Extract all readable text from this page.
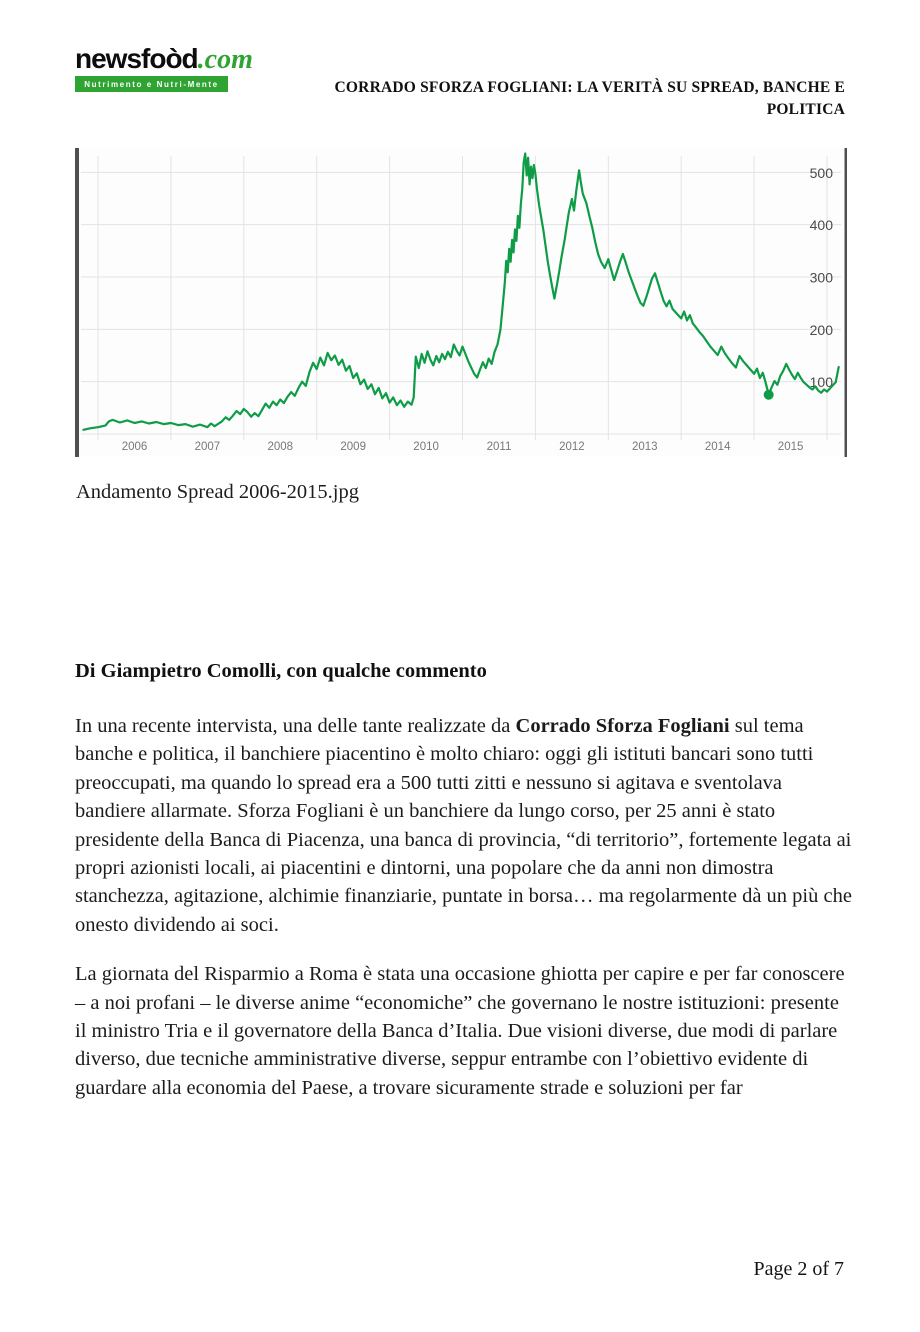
newsfoòd.com
Nutrimento e Nutri-Mente	CORRADO SFORZA FOGLIANI: LA VERITÀ SU SPREAD, BANCHE E POLITICA
2006	2007	2008	2009	2010	2011	2012	2013	2014	2015
100
200
300
400
500
Andamento Spread 2006-2015.jpg
Di Giampietro Comolli, con qualche commento

In una recente intervista, una delle tante realizzate da Corrado Sforza Fogliani sul tema banche e politica, il banchiere piacentino è molto chiaro: oggi gli istituti bancari sono tutti preoccupati, ma quando lo spread era a 500 tutti zitti e nessuno si agitava e sventolava bandiere allarmate. Sforza Fogliani è un banchiere da lungo corso, per 25 anni è stato presidente della Banca di Piacenza, una banca di provincia, “di territorio”, fortemente legata ai propri azionisti locali, ai piacentini e dintorni, una popolare che da anni non dimostra stanchezza, agitazione, alchimie finanziarie, puntate in borsa… ma regolarmente dà un più che onesto dividendo ai soci.

La giornata del Risparmio a Roma è stata una occasione ghiotta per capire e per far conoscere – a noi profani – le diverse anime “economiche” che governano le nostre istituzioni: presente il ministro Tria e il governatore della Banca d’Italia. Due visioni diverse, due modi di parlare diverso, due tecniche amministrative diverse, seppur entrambe con l’obiettivo evidente di guardare alla economia del Paese, a trovare sicuramente strade e soluzioni per far

Page 2 of 7
